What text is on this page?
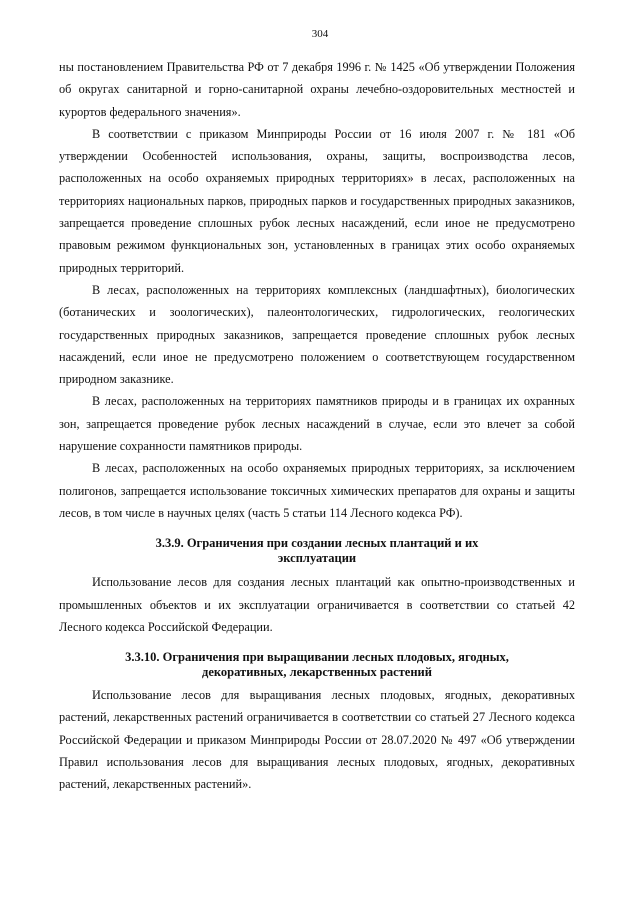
304

ны постановлением Правительства РФ от 7 декабря 1996 г. № 1425 «Об утверждении Положения об округах санитарной и горно-санитарной охраны лечебно-оздоровительных местностей и курортов федерального значения».

В соответствии с приказом Минприроды России от 16 июля 2007 г. № 181 «Об утверждении Особенностей использования, охраны, защиты, воспроизводства лесов, расположенных на особо охраняемых природных территориях» в лесах, расположенных на территориях национальных парков, природных парков и государственных природных заказников, запрещается проведение сплошных рубок лесных насаждений, если иное не предусмотрено правовым режимом функциональных зон, установленных в границах этих особо охраняемых природных территорий.

В лесах, расположенных на территориях комплексных (ландшафтных), биологических (ботанических и зоологических), палеонтологических, гидрологических, геологических государственных природных заказников, запрещается проведение сплошных рубок лесных насаждений, если иное не предусмотрено положением о соответствующем государственном природном заказнике.

В лесах, расположенных на территориях памятников природы и в границах их охранных зон, запрещается проведение рубок лесных насаждений в случае, если это влечет за собой нарушение сохранности памятников природы.

В лесах, расположенных на особо охраняемых природных территориях, за исключением полигонов, запрещается использование токсичных химических препаратов для охраны и защиты лесов, в том числе в научных целях (часть 5 статьи 114 Лесного кодекса РФ).

3.3.9. Ограничения при создании лесных плантаций и их
эксплуатации

Использование лесов для создания лесных плантаций как опытно-производственных и промышленных объектов и их эксплуатации ограничивается в соответствии со статьей 42 Лесного кодекса Российской Федерации.

3.3.10. Ограничения при выращивании лесных плодовых, ягодных,
декоративных, лекарственных растений

Использование лесов для выращивания лесных плодовых, ягодных, декоративных растений, лекарственных растений ограничивается в соответствии со статьей 27 Лесного кодекса Российской Федерации и приказом Минприроды России от 28.07.2020 № 497 «Об утверждении Правил использования лесов для выращивания лесных плодовых, ягодных, декоративных растений, лекарственных растений».
